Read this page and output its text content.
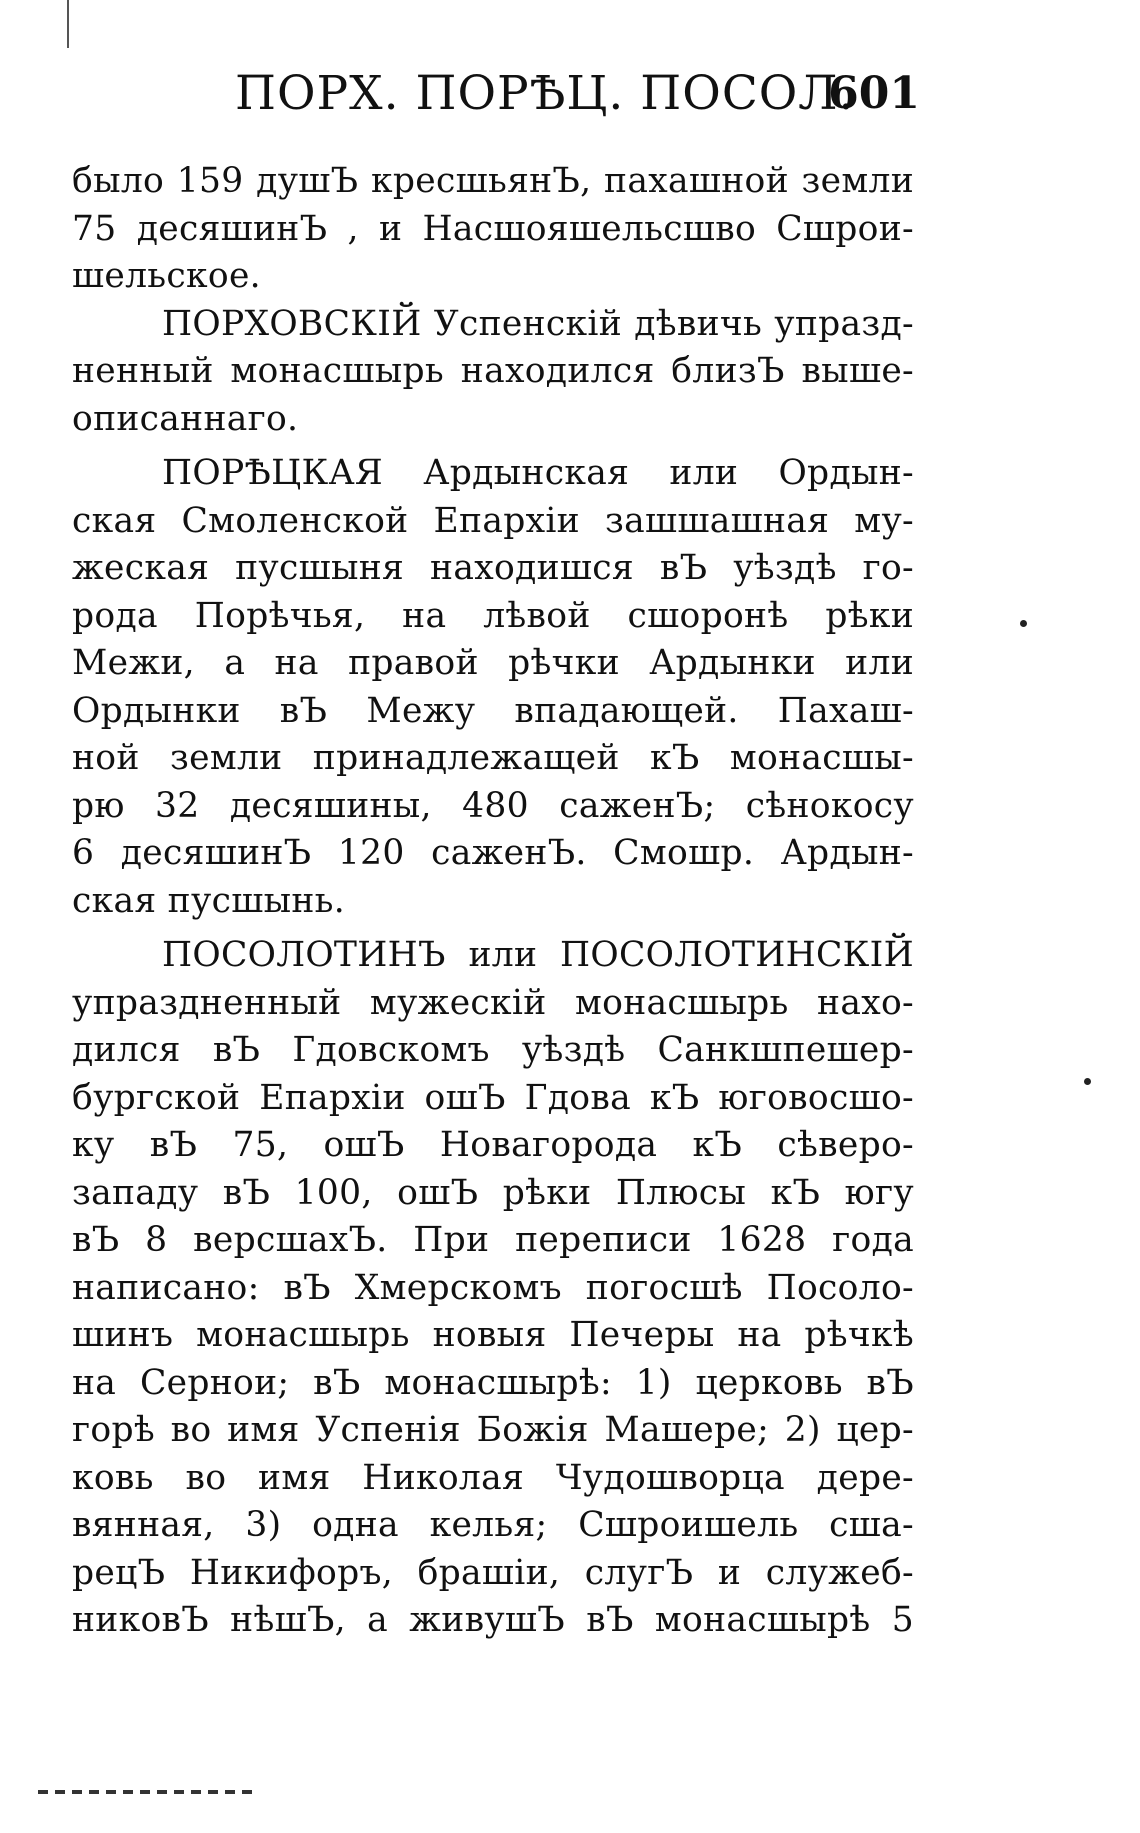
ПОРХ. ПОРѢЦ. ПОСОЛ.
601
было 159 душЪ кресшьянЪ, пахашной земли
75 десяшинЪ , и Насшояшельсшво Сшрои-
шельское.
ПОРХОВСКІЙ Успенскій дѣвичь упразд-
ненный монасшырь находился близЪ выше-
описаннаго.
ПОРѢЦКАЯ Ардынская или Ордын-
ская Смоленской Епархіи зашшашная му-
жеская пусшыня находишся вЪ уѣздѣ го-
рода Порѣчья, на лѣвой сшоронѣ рѣки
Межи, а на правой рѣчки Ардынки или
Ордынки вЪ Межу впадающей. Пахаш-
ной земли принадлежащей кЪ монасшы-
рю 32 десяшины, 480 саженЪ; сѣнокосу
6 десяшинЪ 120 саженЪ. Смошр. Ардын-
ская пусшынь.
ПОСОЛОТИНЪ или ПОСОЛОТИНСКІЙ
упраздненный мужескій монасшырь нахо-
дился вЪ Гдовскомъ уѣздѣ Санкшпешер-
бургской Епархіи ошЪ Гдова кЪ юговосшо-
ку вЪ 75, ошЪ Новагорода кЪ сѣверо-
западу вЪ 100, ошЪ рѣки Плюсы кЪ югу
вЪ 8 версшахЪ. При переписи 1628 года
написано: вЪ Хмерскомъ погосшѣ Посоло-
шинъ монасшырь новыя Печеры на рѣчкѣ
на Сернои; вЪ монасшырѣ: 1) церковь вЪ
горѣ во имя Успенія Божія Машере; 2) цер-
ковь во имя Николая Чудошворца дере-
вянная, 3) одна келья; Сшроишель сша-
рецЪ Никифоръ, брашіи, слугЪ и служеб-
никовЪ нѣшЪ, а живушЪ вЪ монасшырѣ 5
